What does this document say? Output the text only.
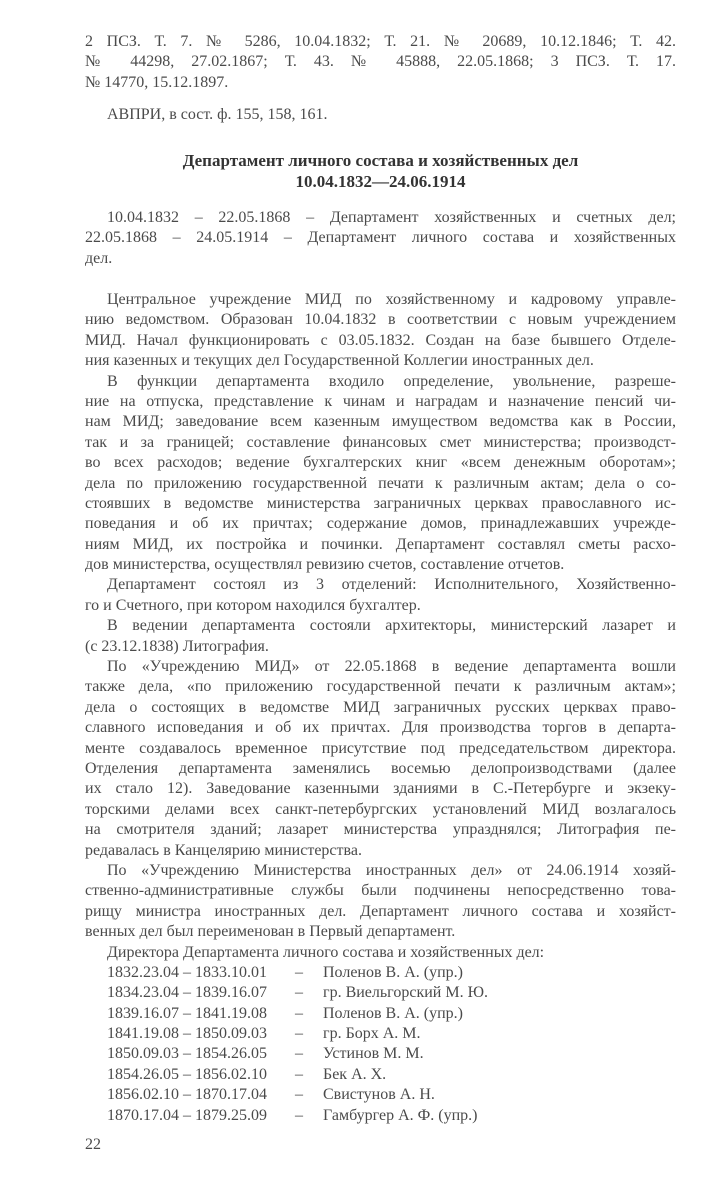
2 ПСЗ. Т. 7. № 5286, 10.04.1832; Т. 21. № 20689, 10.12.1846; Т. 42.
№ 44298, 27.02.1867; Т. 43. № 45888, 22.05.1868; 3 ПСЗ. Т. 17.
№ 14770, 15.12.1897.
АВПРИ, в сост. ф. 155, 158, 161.
Департамент личного состава и хозяйственных дел
10.04.1832—24.06.1914
10.04.1832 – 22.05.1868 – Департамент хозяйственных и счетных дел;
22.05.1868 – 24.05.1914 – Департамент личного состава и хозяйственных
дел.
Центральное учреждение МИД по хозяйственному и кадровому управле-
нию ведомством. Образован 10.04.1832 в соответствии с новым учреждением
МИД. Начал функционировать с 03.05.1832. Создан на базе бывшего Отделе-
ния казенных и текущих дел Государственной Коллегии иностранных дел.
В функции департамента входило определение, увольнение, разреше-
ние на отпуска, представление к чинам и наградам и назначение пенсий чи-
нам МИД; заведование всем казенным имуществом ведомства как в России,
так и за границей; составление финансовых смет министерства; производст-
во всех расходов; ведение бухгалтерских книг «всем денежным оборотам»;
дела по приложению государственной печати к различным актам; дела о со-
стоявших в ведомстве министерства заграничных церквах православного ис-
поведания и об их причтах; содержание домов, принадлежавших учрежде-
ниям МИД, их постройка и починки. Департамент составлял сметы расхо-
дов министерства, осуществлял ревизию счетов, составление отчетов.
Департамент состоял из 3 отделений: Исполнительного, Хозяйственно-
го и Счетного, при котором находился бухгалтер.
В ведении департамента состояли архитекторы, министерский лазарет и
(с 23.12.1838) Литография.
По «Учреждению МИД» от 22.05.1868 в ведение департамента вошли
также дела, «по приложению государственной печати к различным актам»;
дела о состоящих в ведомстве МИД заграничных русских церквах право-
славного исповедания и об их причтах. Для производства торгов в департа-
менте создавалось временное присутствие под председательством директора.
Отделения департамента заменялись восемью делопроизводствами (далее
их стало 12). Заведование казенными зданиями в С.-Петербурге и экзеку-
торскими делами всех санкт-петербургских установлений МИД возлагалось
на смотрителя зданий; лазарет министерства упразднялся; Литография пе-
редавалась в Канцелярию министерства.
По «Учреждению Министерства иностранных дел» от 24.06.1914 хозяй-
ственно-административные службы были подчинены непосредственно това-
рищу министра иностранных дел. Департамент личного состава и хозяйст-
венных дел был переименован в Первый департамент.
Директора Департамента личного состава и хозяйственных дел:
1832.23.04 – 1833.10.01	–	Поленов В. А. (упр.)
1834.23.04 – 1839.16.07	–	гр. Виельгорский М. Ю.
1839.16.07 – 1841.19.08	–	Поленов В. А. (упр.)
1841.19.08 – 1850.09.03	–	гр. Борх А. М.
1850.09.03 – 1854.26.05	–	Устинов М. М.
1854.26.05 – 1856.02.10	–	Бек А. Х.
1856.02.10 – 1870.17.04	–	Свистунов А. Н.
1870.17.04 – 1879.25.09	–	Гамбургер А. Ф. (упр.)
22
